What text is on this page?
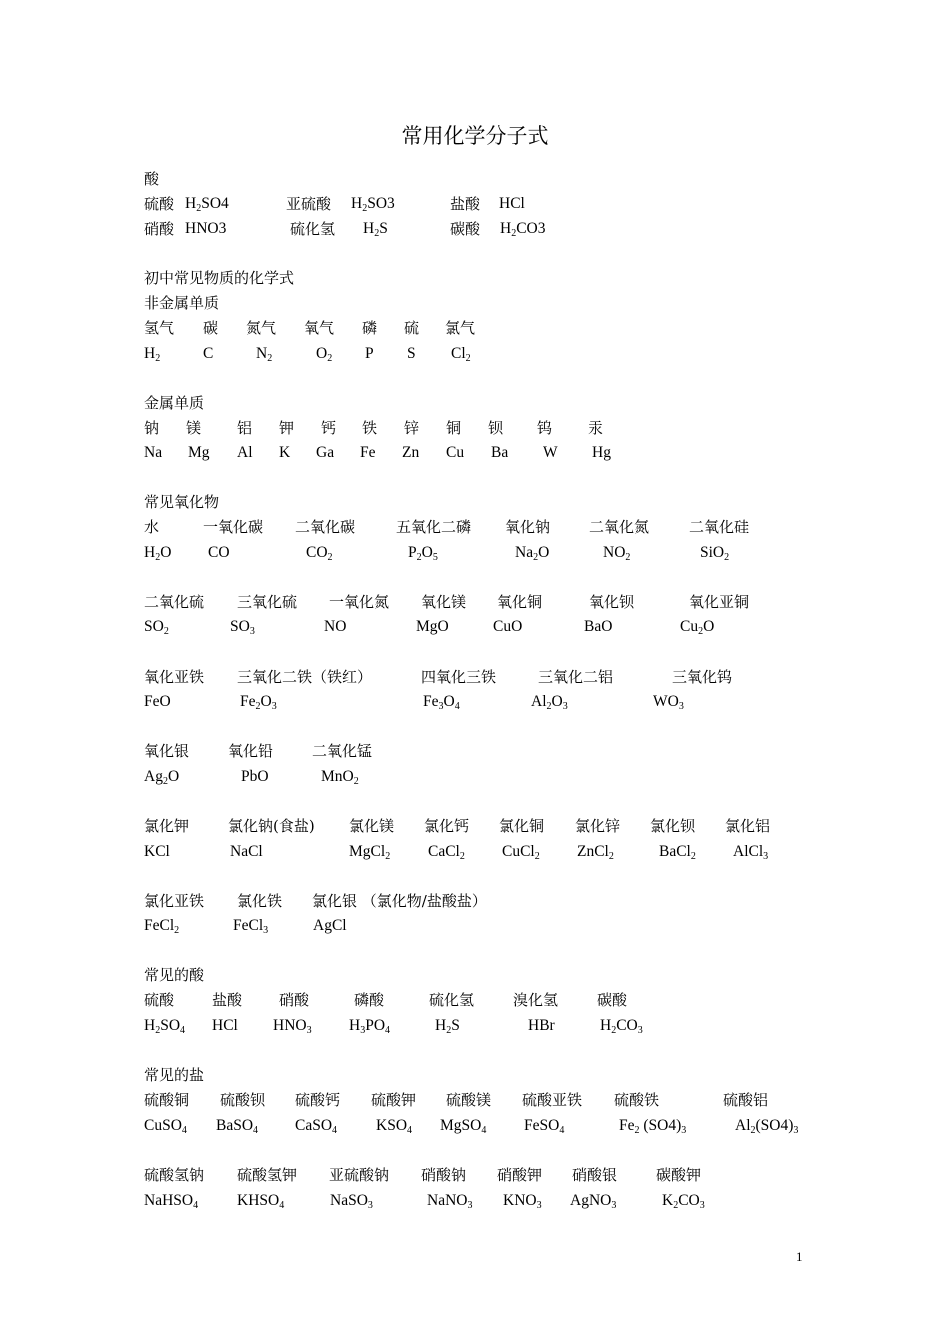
常用化学分子式
酸
硫酸 $H_2SO4$	亚硫酸 $H_2SO3$	盐酸 HCl
硝酸 HNO3	硫化氢 $H_2S$	碳酸 $H_2CO3$
初中常见物质的化学式
非金属单质
氢气 碳 氮气 氧气 磷 硫 氯气
$H_2$	C	$N_2$	$O_2$ P S $Cl_2$
金属单质
钠 镁 铝 钾 钙 铁 锌 铜 钡 钨 汞
Na Mg Al K Ga Fe Zn Cu Ba W Hg
常见氧化物
水	一氧化碳 二氧化碳	五氧化二磷 氧化钠	二氧化氮	二氧化硅
$H_2O$ CO	$CO_2$	$P_2O_5$	$Na_2O$	$NO_2$	SiO$_2$
二氧化硫 三氧化硫 一氧化氮 氧化镁 氧化铜	氧化钡	氧化亚铜
$SO_2$	$SO_3$	NO	MgO	CuO	BaO	$Cu_2O$
氧化亚铁 三氧化二铁（铁红）	四氧化三铁	三氧化二铝	三氧化钨
FeO	$Fe_2O_3$	$Fe_3O_4$	$Al_2O_3$	$WO_3$
氧化银	氧化铅	二氧化锰
$Ag_2O$	PbO	MnO$_2$
氯化钾	氯化钠(食盐) 氯化镁 氯化钙 氯化铜 氯化锌 氯化钡 氯化铝
KCl	NaCl	MgCl$_2$ CaCl$_2$ CuCl$_2$ ZnCl$_2$	BaCl$_2$ AlCl$_3$
氯化亚铁 氯化铁 氯化银 （氯化物/盐酸盐）
FeCl$_2$	FeCl$_3$	AgCl
常见的酸
硫酸	盐酸 硝酸	磷酸	硫化氢	溴化氢	碳酸
$H_2SO_4$ HCl $HNO_3$ $H_3PO_4$	$H_2S$	HBr	$H_2CO_3$
常见的盐
硫酸铜 硫酸钡 硫酸钙 硫酸钾 硫酸镁 硫酸亚铁 硫酸铁	硫酸铝
CuSO$_4$ BaSO$_4$ CaSO$_4$	$KSO_4$ MgSO$_4$ FeSO$_4$	$Fe_2$ $(SO4)_3$	$Al_2(SO4)_3$
硫酸氢钠 硫酸氢钾 亚硫酸钠 硝酸钠 硝酸钾 硝酸银	碳酸钾
NaHSO$_4$	$KHSO_4$	NaSO$_3$	NaNO$_3$ $KNO_3$ AgNO$_3$	$K_2CO_3$
1
